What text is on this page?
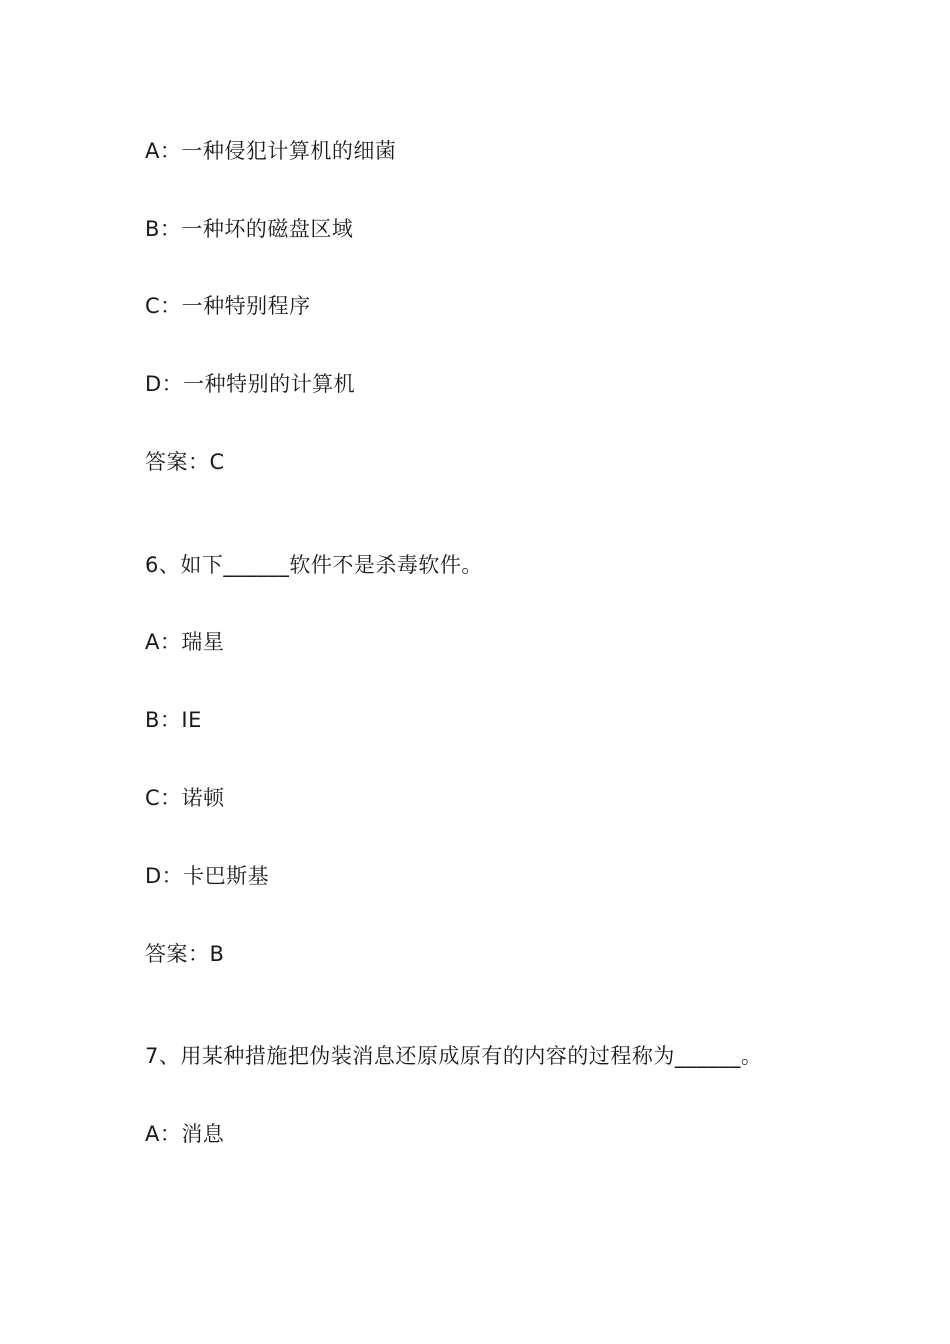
A：一种侵犯计算机的细菌
B：一种坏的磁盘区域
C：一种特别程序
D：一种特别的计算机
答案：C
6、如下______软件不是杀毒软件。
A：瑞星
B：IE
C：诺顿
D：卡巴斯基
答案：B
7、用某种措施把伪装消息还原成原有的内容的过程称为______。
A：消息
